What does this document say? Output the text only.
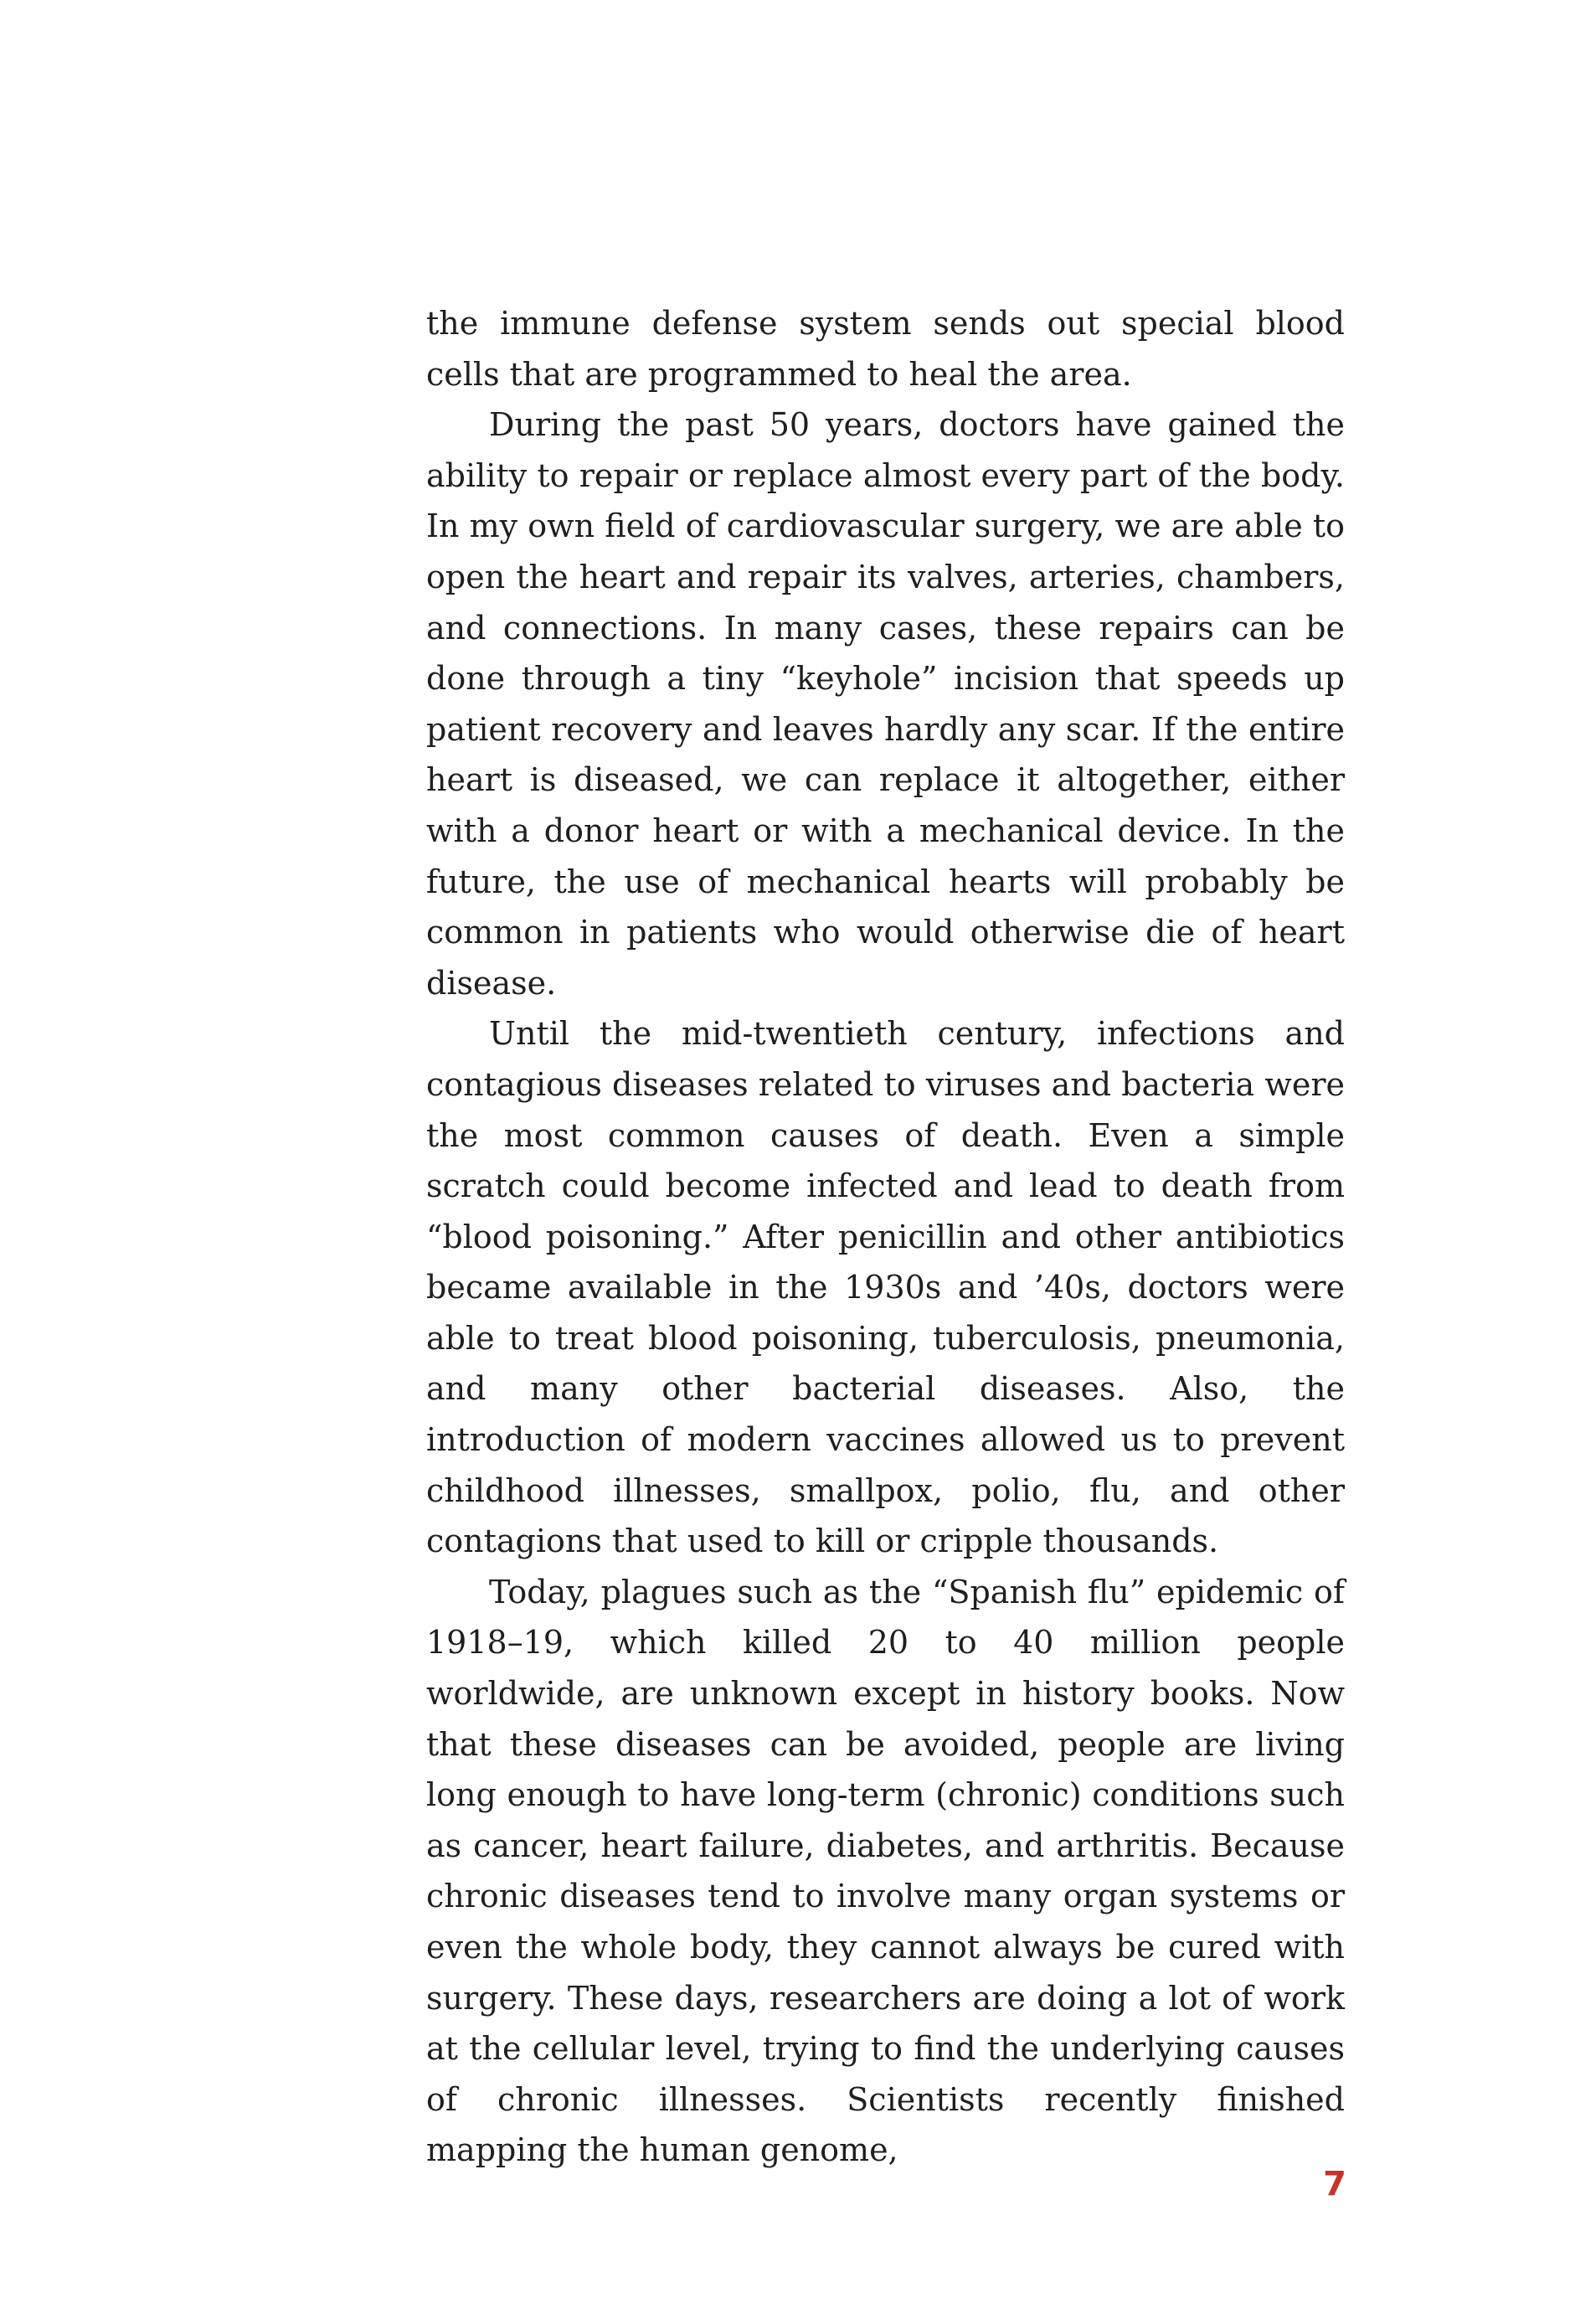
the immune defense system sends out special blood cells that are programmed to heal the area.

During the past 50 years, doctors have gained the ability to repair or replace almost every part of the body. In my own field of cardiovascular surgery, we are able to open the heart and repair its valves, arteries, chambers, and connections. In many cases, these repairs can be done through a tiny “keyhole” incision that speeds up patient recovery and leaves hardly any scar. If the entire heart is diseased, we can replace it altogether, either with a donor heart or with a mechanical device. In the future, the use of mechanical hearts will probably be common in patients who would otherwise die of heart disease.

Until the mid-twentieth century, infections and contagious diseases related to viruses and bacteria were the most common causes of death. Even a simple scratch could become infected and lead to death from “blood poisoning.” After penicillin and other antibiotics became available in the 1930s and ’40s, doctors were able to treat blood poisoning, tuberculosis, pneumonia, and many other bacterial diseases. Also, the introduction of modern vaccines allowed us to prevent childhood illnesses, smallpox, polio, flu, and other contagions that used to kill or cripple thousands.

Today, plagues such as the “Spanish flu” epidemic of 1918–19, which killed 20 to 40 million people worldwide, are unknown except in history books. Now that these diseases can be avoided, people are living long enough to have long-term (chronic) conditions such as cancer, heart failure, diabetes, and arthritis. Because chronic diseases tend to involve many organ systems or even the whole body, they cannot always be cured with surgery. These days, researchers are doing a lot of work at the cellular level, trying to find the underlying causes of chronic illnesses. Scientists recently finished mapping the human genome,

7
